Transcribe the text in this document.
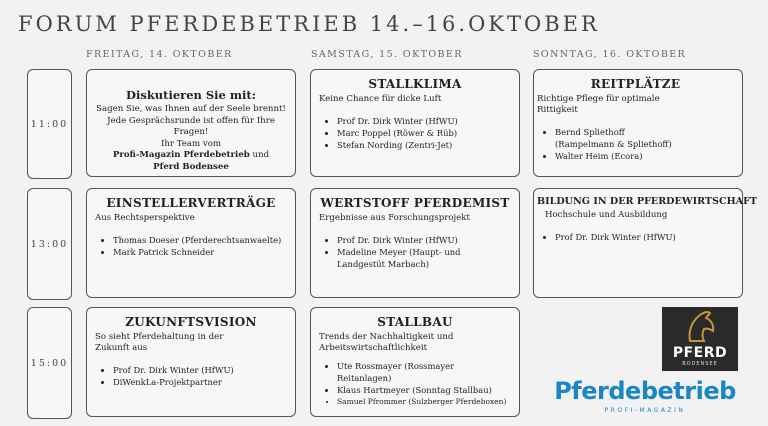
FORUM PFERDEBETRIEB 14.–16.OKTOBER
FREITAG, 14. OKTOBER	SAMSTAG, 15. OKTOBER	SONNTAG, 16. OKTOBER
11:00
13:00
15:00
Diskutieren Sie mit:
Sagen Sie, was Ihnen auf der Seele brennt!
Jede Gesprächsrunde ist offen für Ihre Fragen!
Ihr Team vom
Profi-Magazin Pferdebetrieb und
Pferd Bodensee
STALLKLIMA
Keine Chance für dicke Luft
• Prof Dr. Dirk Winter (HfWU)
• Marc Poppel (Röwer & Rüb)
• Stefan Nording (Zentri-Jet)
REITPLÄTZE
Richtige Pflege für optimale Rittigkeit
• Bernd Spliethoff (Rampelmann & Spliethoff)
• Walter Heim (Ecora)
EINSTELLERVERTRÄGE
Aus Rechtsperspektive
• Thomas Doeser (Pferderechtsanwaelte)
• Mark Patrick Schneider
WERTSTOFF PFERDEMIST
Ergebnisse aus Forschungsprojekt
• Prof Dr. Dirk Winter (HfWU)
• Madeline Meyer (Haupt- und Landgestüt Marbach)
BILDUNG IN DER PFERDEWIRTSCHAFT
Hochschule und Ausbildung
• Prof Dr. Dirk Winter (HfWU)
ZUKUNFTSVISION
So sieht Pferdehaltung in der Zukunft aus
• Prof Dr. Dirk Winter (HfWU)
• DiWenkLa-Projektpartner
STALLBAU
Trends der Nachhaltigkeit und Arbeitswirtschaftlichkeit
• Ute Rossmayer (Rossmayer Reitanlagen)
• Klaus Hartmeyer (Sonntag Stallbau)
• Samuel Pfrommer (Sulzberger Pferdeboxen)
PFERD
BODENSEE
Pferdebetrieb
PROFI-MAGAZIN
